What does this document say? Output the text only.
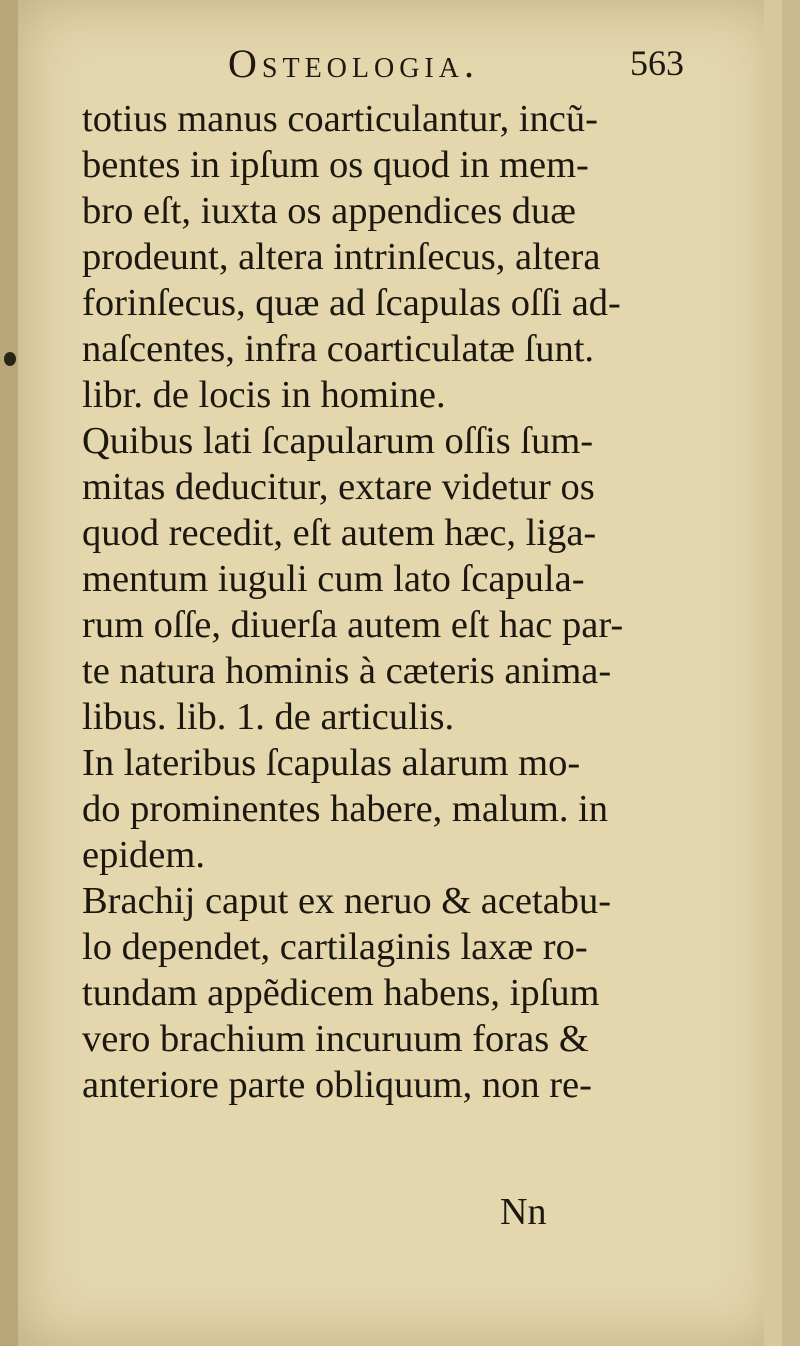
Osteologia.	563
totius manus coarticulantur, incũ-
bentes in ipſum os quod in mem-
bro eſt, iuxta os appendices duæ
prodeunt, altera intrinſecus, altera
forinſecus, quæ ad ſcapulas oſſi ad-
naſcentes, infra coarticulatæ ſunt.
libr. de locis in homine.
Quibus lati ſcapularum oſſis ſum-
mitas deducitur, extare videtur os
quod recedit, eſt autem hæc, liga-
mentum iuguli cum lato ſcapula-
rum oſſe, diuerſa autem eſt hac par-
te natura hominis à cæteris anima-
libus. lib. 1. de articulis.
In lateribus ſcapulas alarum mo-
do prominentes habere, malum. in
epidem.
Brachij caput ex neruo & acetabu-
lo dependet, cartilaginis laxæ ro-
tundam appẽdicem habens, ipſum
vero brachium incuruum foras &
anteriore parte obliquum, non re-
Nn
